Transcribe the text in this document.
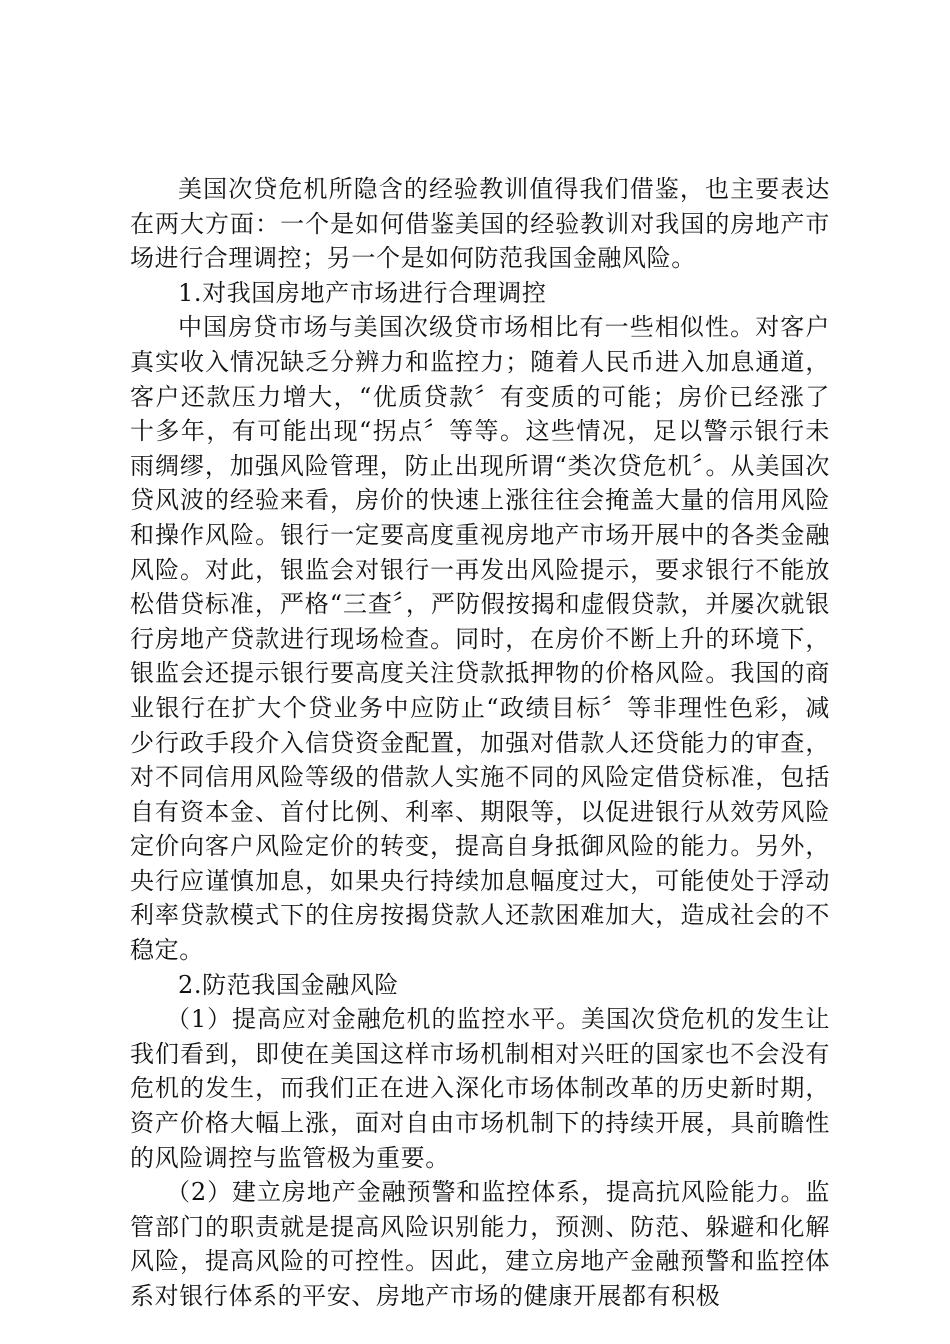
美国次贷危机所隐含的经验教训值得我们借鉴，也主要表达在两大方面：一个是如何借鉴美国的经验教训对我国的房地产市场进行合理调控；另一个是如何防范我国金融风险。

1.对我国房地产市场进行合理调控

中国房贷市场与美国次级贷市场相比有一些相似性。对客户真实收入情况缺乏分辨力和监控力；随着人民币进入加息通道，客户还款压力增大，“优质贷款〞有变质的可能；房价已经涨了十多年，有可能出现“拐点〞等等。这些情况，足以警示银行未雨绸缪，加强风险管理，防止出现所谓“类次贷危机〞。从美国次贷风波的经验来看，房价的快速上涨往往会掩盖大量的信用风险和操作风险。银行一定要高度重视房地产市场开展中的各类金融风险。对此，银监会对银行一再发出风险提示，要求银行不能放松借贷标准，严格“三查〞，严防假按揭和虚假贷款，并屡次就银行房地产贷款进行现场检查。同时，在房价不断上升的环境下，银监会还提示银行要高度关注贷款抵押物的价格风险。我国的商业银行在扩大个贷业务中应防止“政绩目标〞等非理性色彩，减少行政手段介入信贷资金配置，加强对借款人还贷能力的审查，对不同信用风险等级的借款人实施不同的风险定借贷标准，包括自有资本金、首付比例、利率、期限等，以促进银行从效劳风险定价向客户风险定价的转变，提高自身抵御风险的能力。另外，央行应谨慎加息，如果央行持续加息幅度过大，可能使处于浮动利率贷款模式下的住房按揭贷款人还款困难加大，造成社会的不稳定。

2.防范我国金融风险

（1）提高应对金融危机的监控水平。美国次贷危机的发生让我们看到，即使在美国这样市场机制相对兴旺的国家也不会没有危机的发生，而我们正在进入深化市场体制改革的历史新时期，资产价格大幅上涨，面对自由市场机制下的持续开展，具前瞻性的风险调控与监管极为重要。

（2）建立房地产金融预警和监控体系，提高抗风险能力。监管部门的职责就是提高风险识别能力，预测、防范、躲避和化解风险，提高风险的可控性。因此，建立房地产金融预警和监控体系对银行体系的平安、房地产市场的健康开展都有积极
